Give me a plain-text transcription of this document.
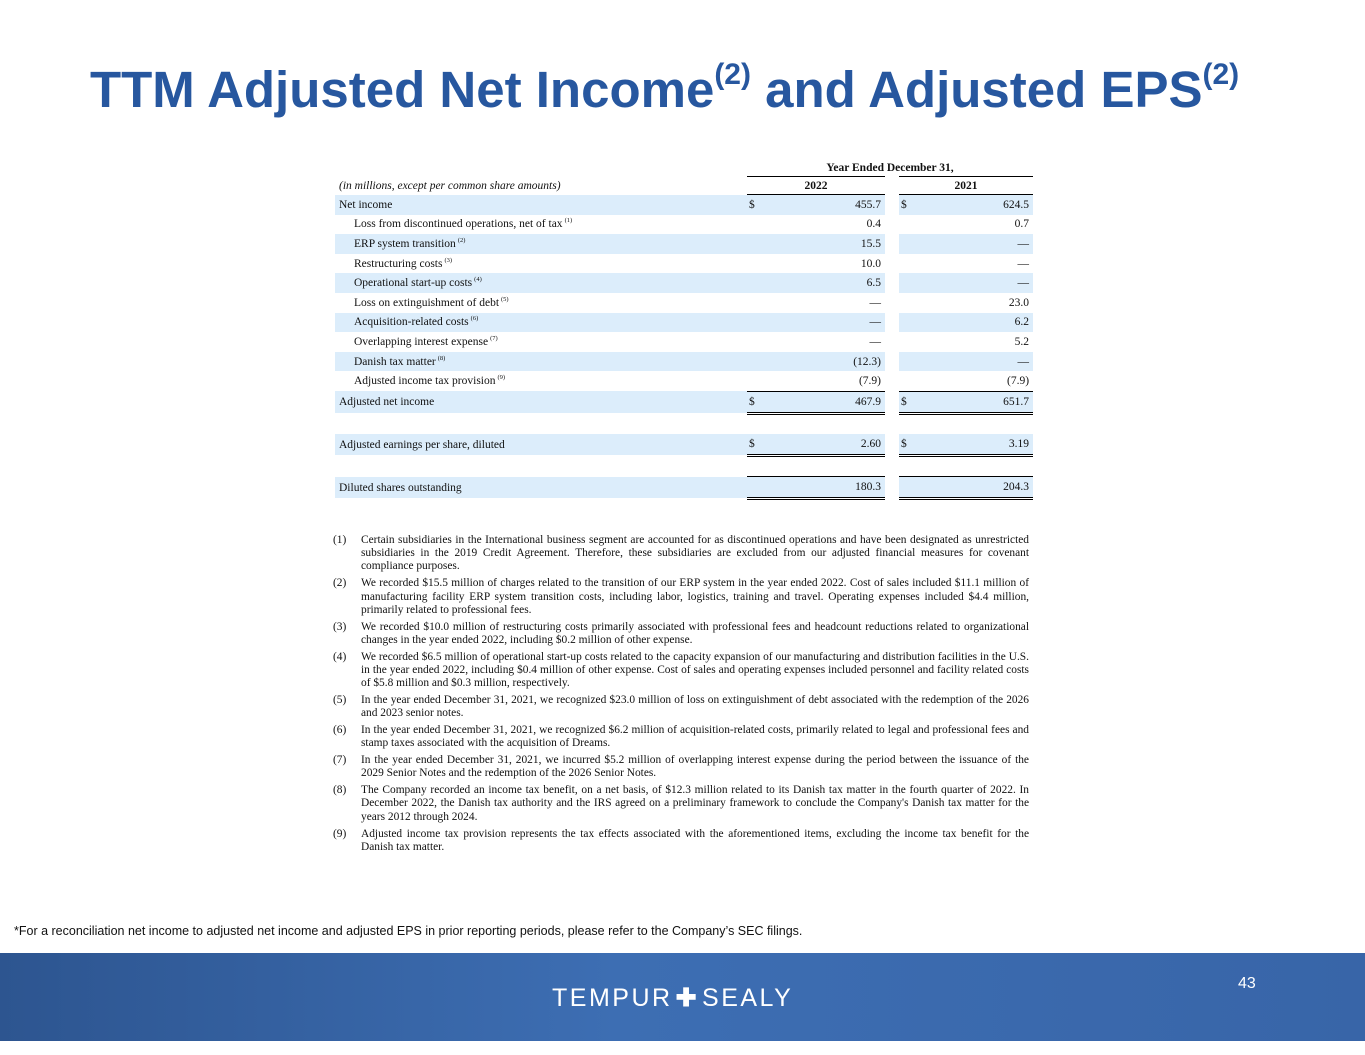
TTM Adjusted Net Income$^{(2)}$ and Adjusted EPS$^{(2)}$
	Year Ended December 31,				
(in millions, except per common share amounts)	2022			2021	
Net income	$	455.7		$	624.5
Loss from discontinued operations, net of tax $^{(1)}$		0.4			0.7
ERP system transition $^{(2)}$		15.5			—
Restructuring costs $^{(3)}$		10.0			—
Operational start-up costs $^{(4)}$		6.5			—
Loss on extinguishment of debt $^{(5)}$		—			23.0
Acquisition-related costs $^{(6)}$		—			6.2
Overlapping interest expense $^{(7)}$		—			5.2
Danish tax matter $^{(8)}$		(12.3)			—
Adjusted income tax provision $^{(9)}$		(7.9)			(7.9)
Adjusted net income	$	467.9		$	651.7

Adjusted earnings per share, diluted	$	2.60		$	3.19

Diluted shares outstanding		180.3			204.3
(1)	Certain subsidiaries in the International business segment are accounted for as discontinued operations and have been designated as unrestricted subsidiaries in the 2019 Credit Agreement. Therefore, these subsidiaries are excluded from our adjusted financial measures for covenant compliance purposes.
(2)	We recorded $15.5 million of charges related to the transition of our ERP system in the year ended 2022. Cost of sales included $11.1 million of manufacturing facility ERP system transition costs, including labor, logistics, training and travel. Operating expenses included $4.4 million, primarily related to professional fees.
(3)	We recorded $10.0 million of restructuring costs primarily associated with professional fees and headcount reductions related to organizational changes in the year ended 2022, including $0.2 million of other expense.
(4)	We recorded $6.5 million of operational start-up costs related to the capacity expansion of our manufacturing and distribution facilities in the U.S. in the year ended 2022, including $0.4 million of other expense. Cost of sales and operating expenses included personnel and facility related costs of $5.8 million and $0.3 million, respectively.
(5)	In the year ended December 31, 2021, we recognized $23.0 million of loss on extinguishment of debt associated with the redemption of the 2026 and 2023 senior notes.
(6)	In the year ended December 31, 2021, we recognized $6.2 million of acquisition-related costs, primarily related to legal and professional fees and stamp taxes associated with the acquisition of Dreams.
(7)	In the year ended December 31, 2021, we incurred $5.2 million of overlapping interest expense during the period between the issuance of the 2029 Senior Notes and the redemption of the 2026 Senior Notes.
(8)	The Company recorded an income tax benefit, on a net basis, of $12.3 million related to its Danish tax matter in the fourth quarter of 2022. In December 2022, the Danish tax authority and the IRS agreed on a preliminary framework to conclude the Company's Danish tax matter for the years 2012 through 2024.
(9)	Adjusted income tax provision represents the tax effects associated with the aforementioned items, excluding the income tax benefit for the Danish tax matter.
*For a reconciliation net income to adjusted net income and adjusted EPS in prior reporting periods, please refer to the Company’s SEC filings.
TEMPUR ✚ SEALY
43
